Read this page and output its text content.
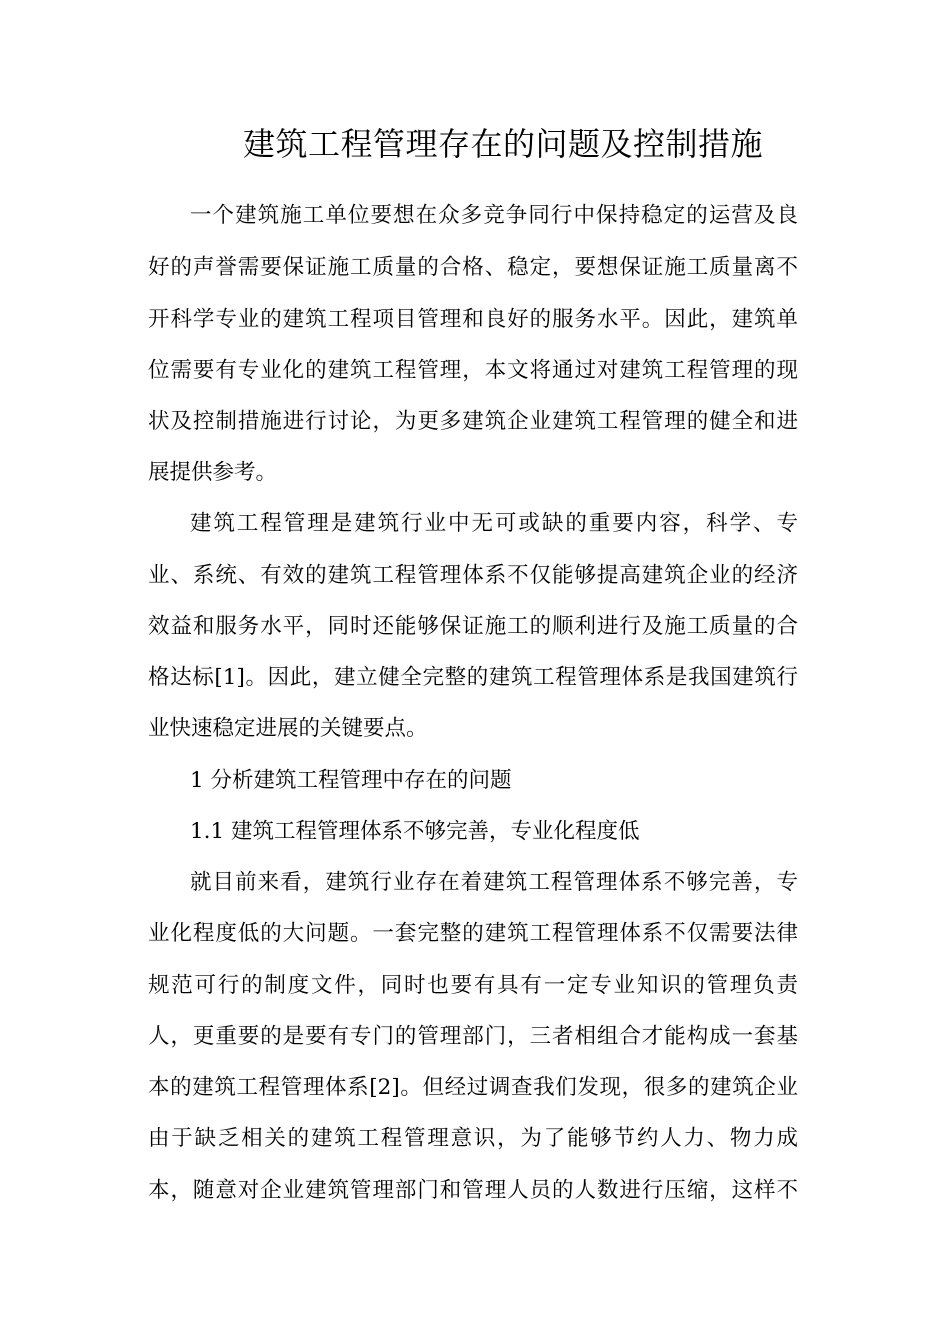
建筑工程管理存在的问题及控制措施
一个建筑施工单位要想在众多竞争同行中保持稳定的运营及良
好的声誉需要保证施工质量的合格、稳定，要想保证施工质量离不
开科学专业的建筑工程项目管理和良好的服务水平。因此，建筑单
位需要有专业化的建筑工程管理，本文将通过对建筑工程管理的现
状及控制措施进行讨论，为更多建筑企业建筑工程管理的健全和进
展提供参考。
建筑工程管理是建筑行业中无可或缺的重要内容，科学、专
业、系统、有效的建筑工程管理体系不仅能够提高建筑企业的经济
效益和服务水平，同时还能够保证施工的顺利进行及施工质量的合
格达标[1]。因此，建立健全完整的建筑工程管理体系是我国建筑行
业快速稳定进展的关键要点。
1 分析建筑工程管理中存在的问题
1.1 建筑工程管理体系不够完善，专业化程度低
就目前来看，建筑行业存在着建筑工程管理体系不够完善，专
业化程度低的大问题。一套完整的建筑工程管理体系不仅需要法律
规范可行的制度文件，同时也要有具有一定专业知识的管理负责
人，更重要的是要有专门的管理部门，三者相组合才能构成一套基
本的建筑工程管理体系[2]。但经过调查我们发现，很多的建筑企业
由于缺乏相关的建筑工程管理意识，为了能够节约人力、物力成
本，随意对企业建筑管理部门和管理人员的人数进行压缩，这样不
